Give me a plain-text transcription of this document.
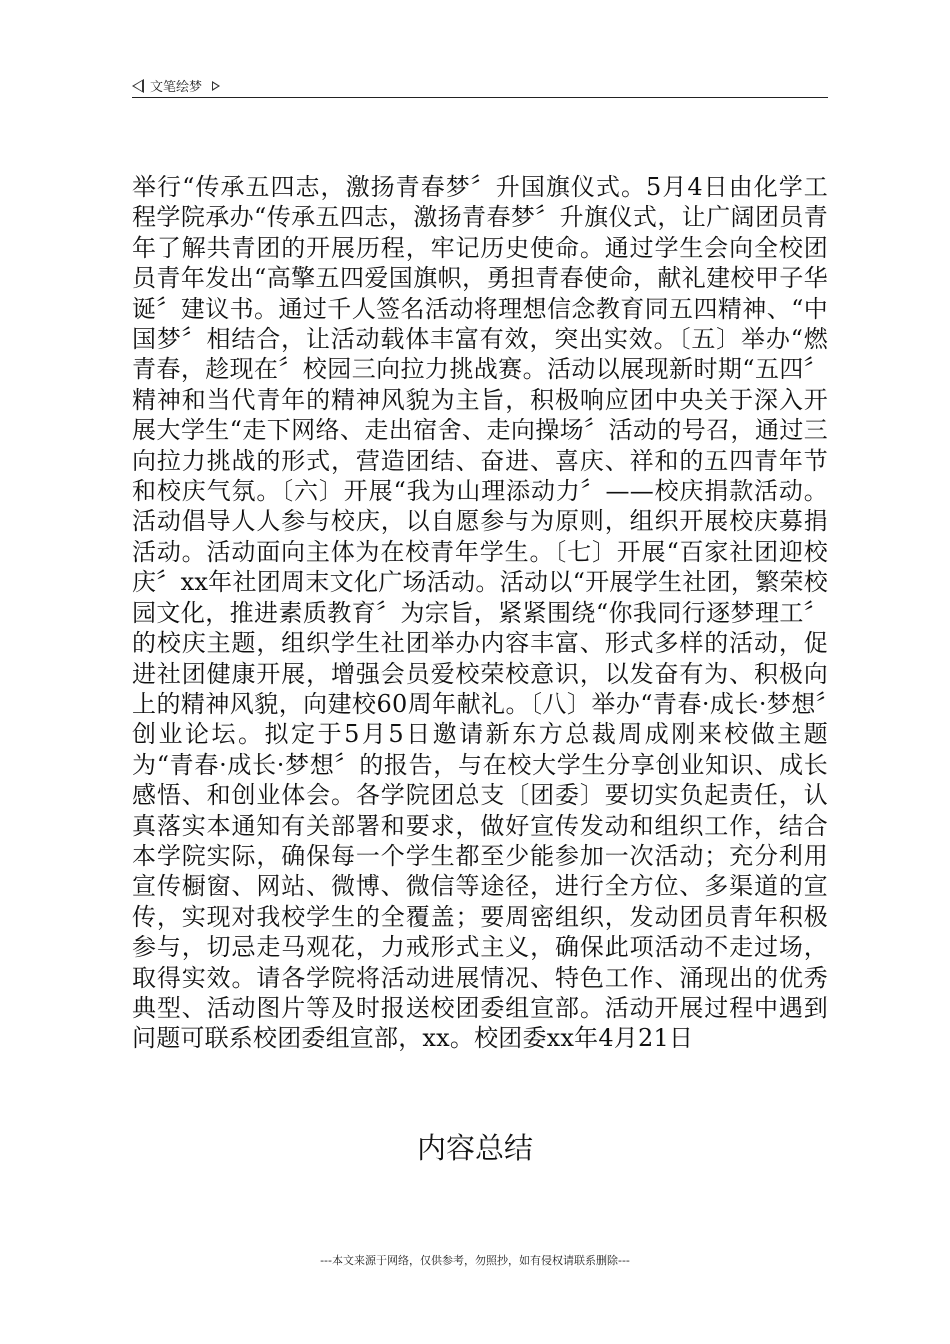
文笔绘梦
举行“传承五四志，激扬青春梦〞升国旗仪式。5月4日由化学工程学院承办“传承五四志，激扬青春梦〞升旗仪式，让广阔团员青年了解共青团的开展历程，牢记历史使命。通过学生会向全校团员青年发出“高擎五四爱国旗帜，勇担青春使命，献礼建校甲子华诞〞建议书。通过千人签名活动将理想信念教育同五四精神、“中国梦〞相结合，让活动载体丰富有效，突出实效。〔五〕举办“燃青春，趁现在〞校园三向拉力挑战赛。活动以展现新时期“五四〞精神和当代青年的精神风貌为主旨，积极响应团中央关于深入开展大学生“走下网络、走出宿舍、走向操场〞活动的号召，通过三向拉力挑战的形式，营造团结、奋进、喜庆、祥和的五四青年节和校庆气氛。〔六〕开展“我为山理添动力〞——校庆捐款活动。活动倡导人人参与校庆，以自愿参与为原则，组织开展校庆募捐活动。活动面向主体为在校青年学生。〔七〕开展“百家社团迎校庆〞xx年社团周末文化广场活动。活动以“开展学生社团，繁荣校园文化，推进素质教育〞为宗旨，紧紧围绕“你我同行逐梦理工〞的校庆主题，组织学生社团举办内容丰富、形式多样的活动，促进社团健康开展，增强会员爱校荣校意识，以发奋有为、积极向上的精神风貌，向建校60周年献礼。〔八〕举办“青春·成长·梦想〞创业论坛。拟定于5月5日邀请新东方总裁周成刚来校做主题为“青春·成长·梦想〞的报告，与在校大学生分享创业知识、成长感悟、和创业体会。各学院团总支〔团委〕要切实负起责任，认真落实本通知有关部署和要求，做好宣传发动和组织工作，结合本学院实际，确保每一个学生都至少能参加一次活动；充分利用宣传橱窗、网站、微博、微信等途径，进行全方位、多渠道的宣传，实现对我校学生的全覆盖；要周密组织，发动团员青年积极参与，切忌走马观花，力戒形式主义，确保此项活动不走过场，取得实效。请各学院将活动进展情况、特色工作、涌现出的优秀典型、活动图片等及时报送校团委组宣部。活动开展过程中遇到问题可联系校团委组宣部，xx。校团委xx年4月21日
内容总结
---本文来源于网络，仅供参考，勿照抄，如有侵权请联系删除---
